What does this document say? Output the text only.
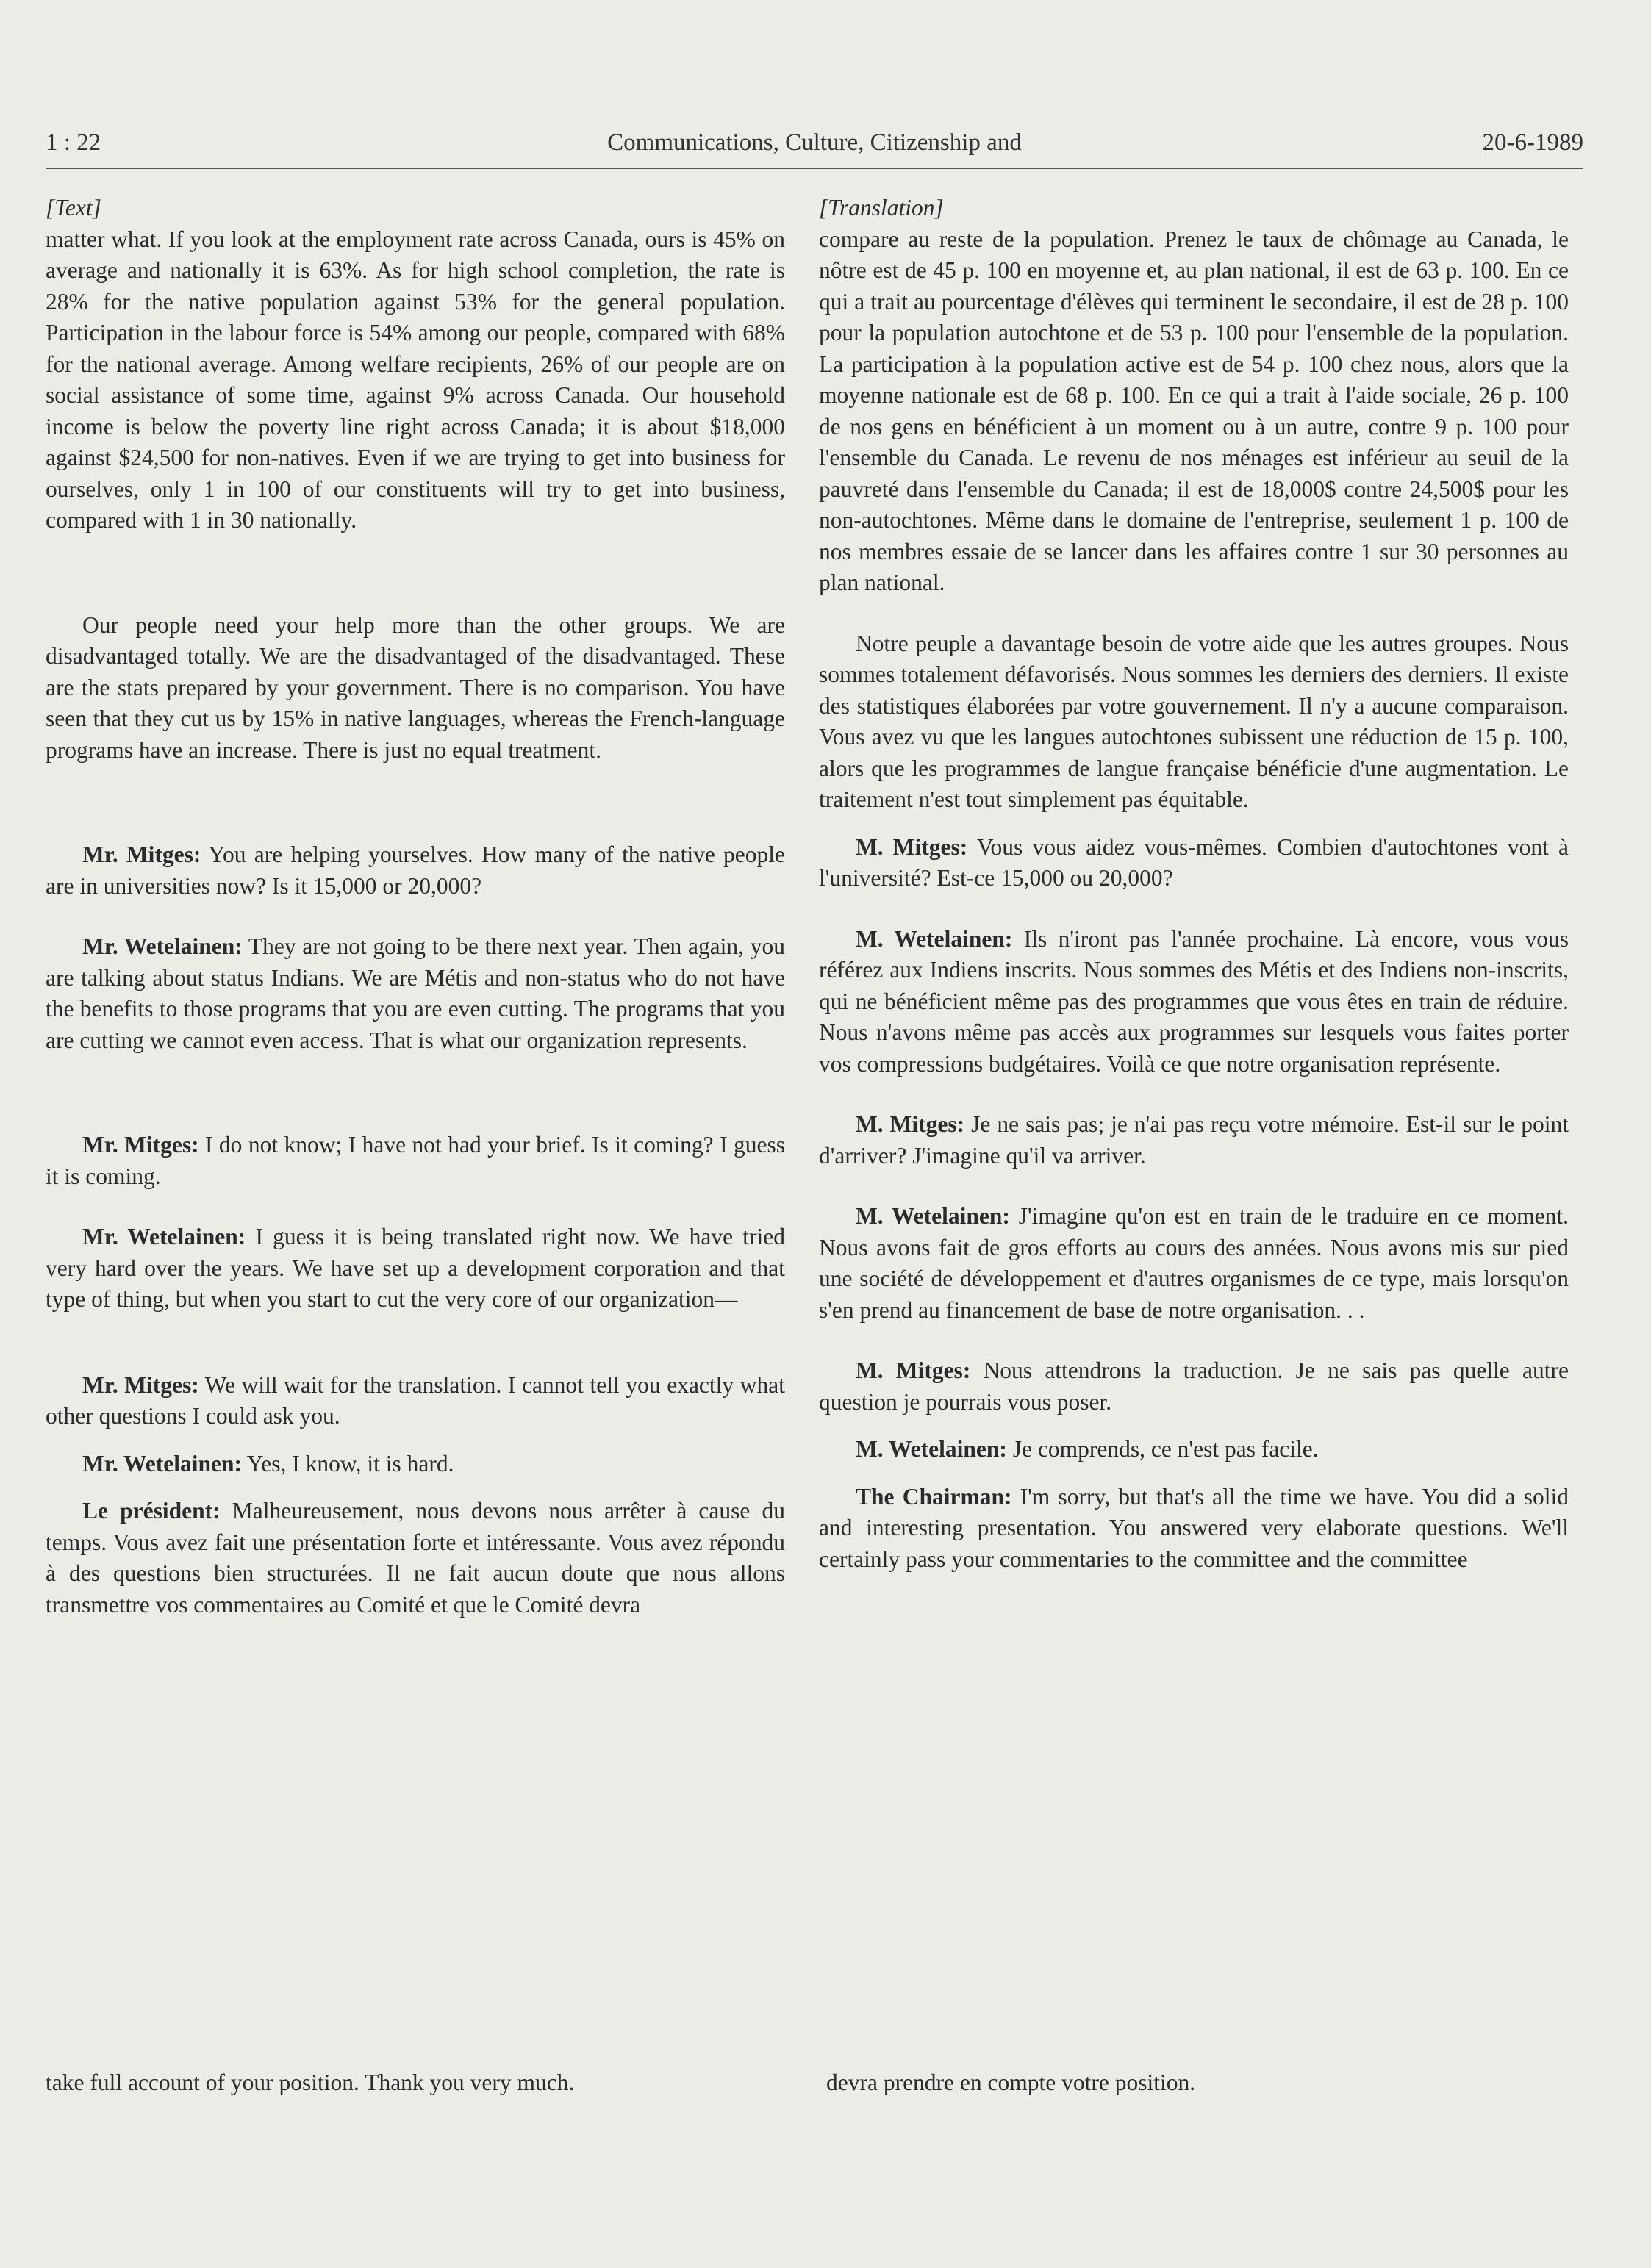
1 : 22	Communications, Culture, Citizenship and	20-6-1989

[Text]

matter what. If you look at the employment rate across Canada, ours is 45% on average and nationally it is 63%. As for high school completion, the rate is 28% for the native population against 53% for the general population. Participation in the labour force is 54% among our people, compared with 68% for the national average. Among welfare recipients, 26% of our people are on social assistance of some time, against 9% across Canada. Our household income is below the poverty line right across Canada; it is about $18,000 against $24,500 for non-natives. Even if we are trying to get into business for ourselves, only 1 in 100 of our constituents will try to get into business, compared with 1 in 30 nationally.

Our people need your help more than the other groups. We are disadvantaged totally. We are the disadvantaged of the disadvantaged. These are the stats prepared by your government. There is no comparison. You have seen that they cut us by 15% in native languages, whereas the French-language programs have an increase. There is just no equal treatment.

Mr. Mitges: You are helping yourselves. How many of the native people are in universities now? Is it 15,000 or 20,000?

Mr. Wetelainen: They are not going to be there next year. Then again, you are talking about status Indians. We are Métis and non-status who do not have the benefits to those programs that you are even cutting. The programs that you are cutting we cannot even access. That is what our organization represents.

Mr. Mitges: I do not know; I have not had your brief. Is it coming? I guess it is coming.

Mr. Wetelainen: I guess it is being translated right now. We have tried very hard over the years. We have set up a development corporation and that type of thing, but when you start to cut the very core of our organization—

Mr. Mitges: We will wait for the translation. I cannot tell you exactly what other questions I could ask you.

Mr. Wetelainen: Yes, I know, it is hard.

Le président: Malheureusement, nous devons nous arrêter à cause du temps. Vous avez fait une présentation forte et intéressante. Vous avez répondu à des questions bien structurées. Il ne fait aucun doute que nous allons transmettre vos commentaires au Comité et que le Comité devra

[Translation]

compare au reste de la population. Prenez le taux de chômage au Canada, le nôtre est de 45 p. 100 en moyenne et, au plan national, il est de 63 p. 100. En ce qui a trait au pourcentage d'élèves qui terminent le secondaire, il est de 28 p. 100 pour la population autochtone et de 53 p. 100 pour l'ensemble de la population. La participation à la population active est de 54 p. 100 chez nous, alors que la moyenne nationale est de 68 p. 100. En ce qui a trait à l'aide sociale, 26 p. 100 de nos gens en bénéficient à un moment ou à un autre, contre 9 p. 100 pour l'ensemble du Canada. Le revenu de nos ménages est inférieur au seuil de la pauvreté dans l'ensemble du Canada; il est de 18,000$ contre 24,500$ pour les non-autochtones. Même dans le domaine de l'entreprise, seulement 1 p. 100 de nos membres essaie de se lancer dans les affaires contre 1 sur 30 personnes au plan national.

Notre peuple a davantage besoin de votre aide que les autres groupes. Nous sommes totalement défavorisés. Nous sommes les derniers des derniers. Il existe des statistiques élaborées par votre gouvernement. Il n'y a aucune comparaison. Vous avez vu que les langues autochtones subissent une réduction de 15 p. 100, alors que les programmes de langue française bénéficie d'une augmentation. Le traitement n'est tout simplement pas équitable.

M. Mitges: Vous vous aidez vous-mêmes. Combien d'autochtones vont à l'université? Est-ce 15,000 ou 20,000?

M. Wetelainen: Ils n'iront pas l'année prochaine. Là encore, vous vous référez aux Indiens inscrits. Nous sommes des Métis et des Indiens non-inscrits, qui ne bénéficient même pas des programmes que vous êtes en train de réduire. Nous n'avons même pas accès aux programmes sur lesquels vous faites porter vos compressions budgétaires. Voilà ce que notre organisation représente.

M. Mitges: Je ne sais pas; je n'ai pas reçu votre mémoire. Est-il sur le point d'arriver? J'imagine qu'il va arriver.

M. Wetelainen: J'imagine qu'on est en train de le traduire en ce moment. Nous avons fait de gros efforts au cours des années. Nous avons mis sur pied une société de développement et d'autres organismes de ce type, mais lorsqu'on s'en prend au financement de base de notre organisation. . .

M. Mitges: Nous attendrons la traduction. Je ne sais pas quelle autre question je pourrais vous poser.

M. Wetelainen: Je comprends, ce n'est pas facile.

The Chairman: I'm sorry, but that's all the time we have. You did a solid and interesting presentation. You answered very elaborate questions. We'll certainly pass your commentaries to the committee and the committee

take full account of your position. Thank you very much.	devra prendre en compte votre position.
